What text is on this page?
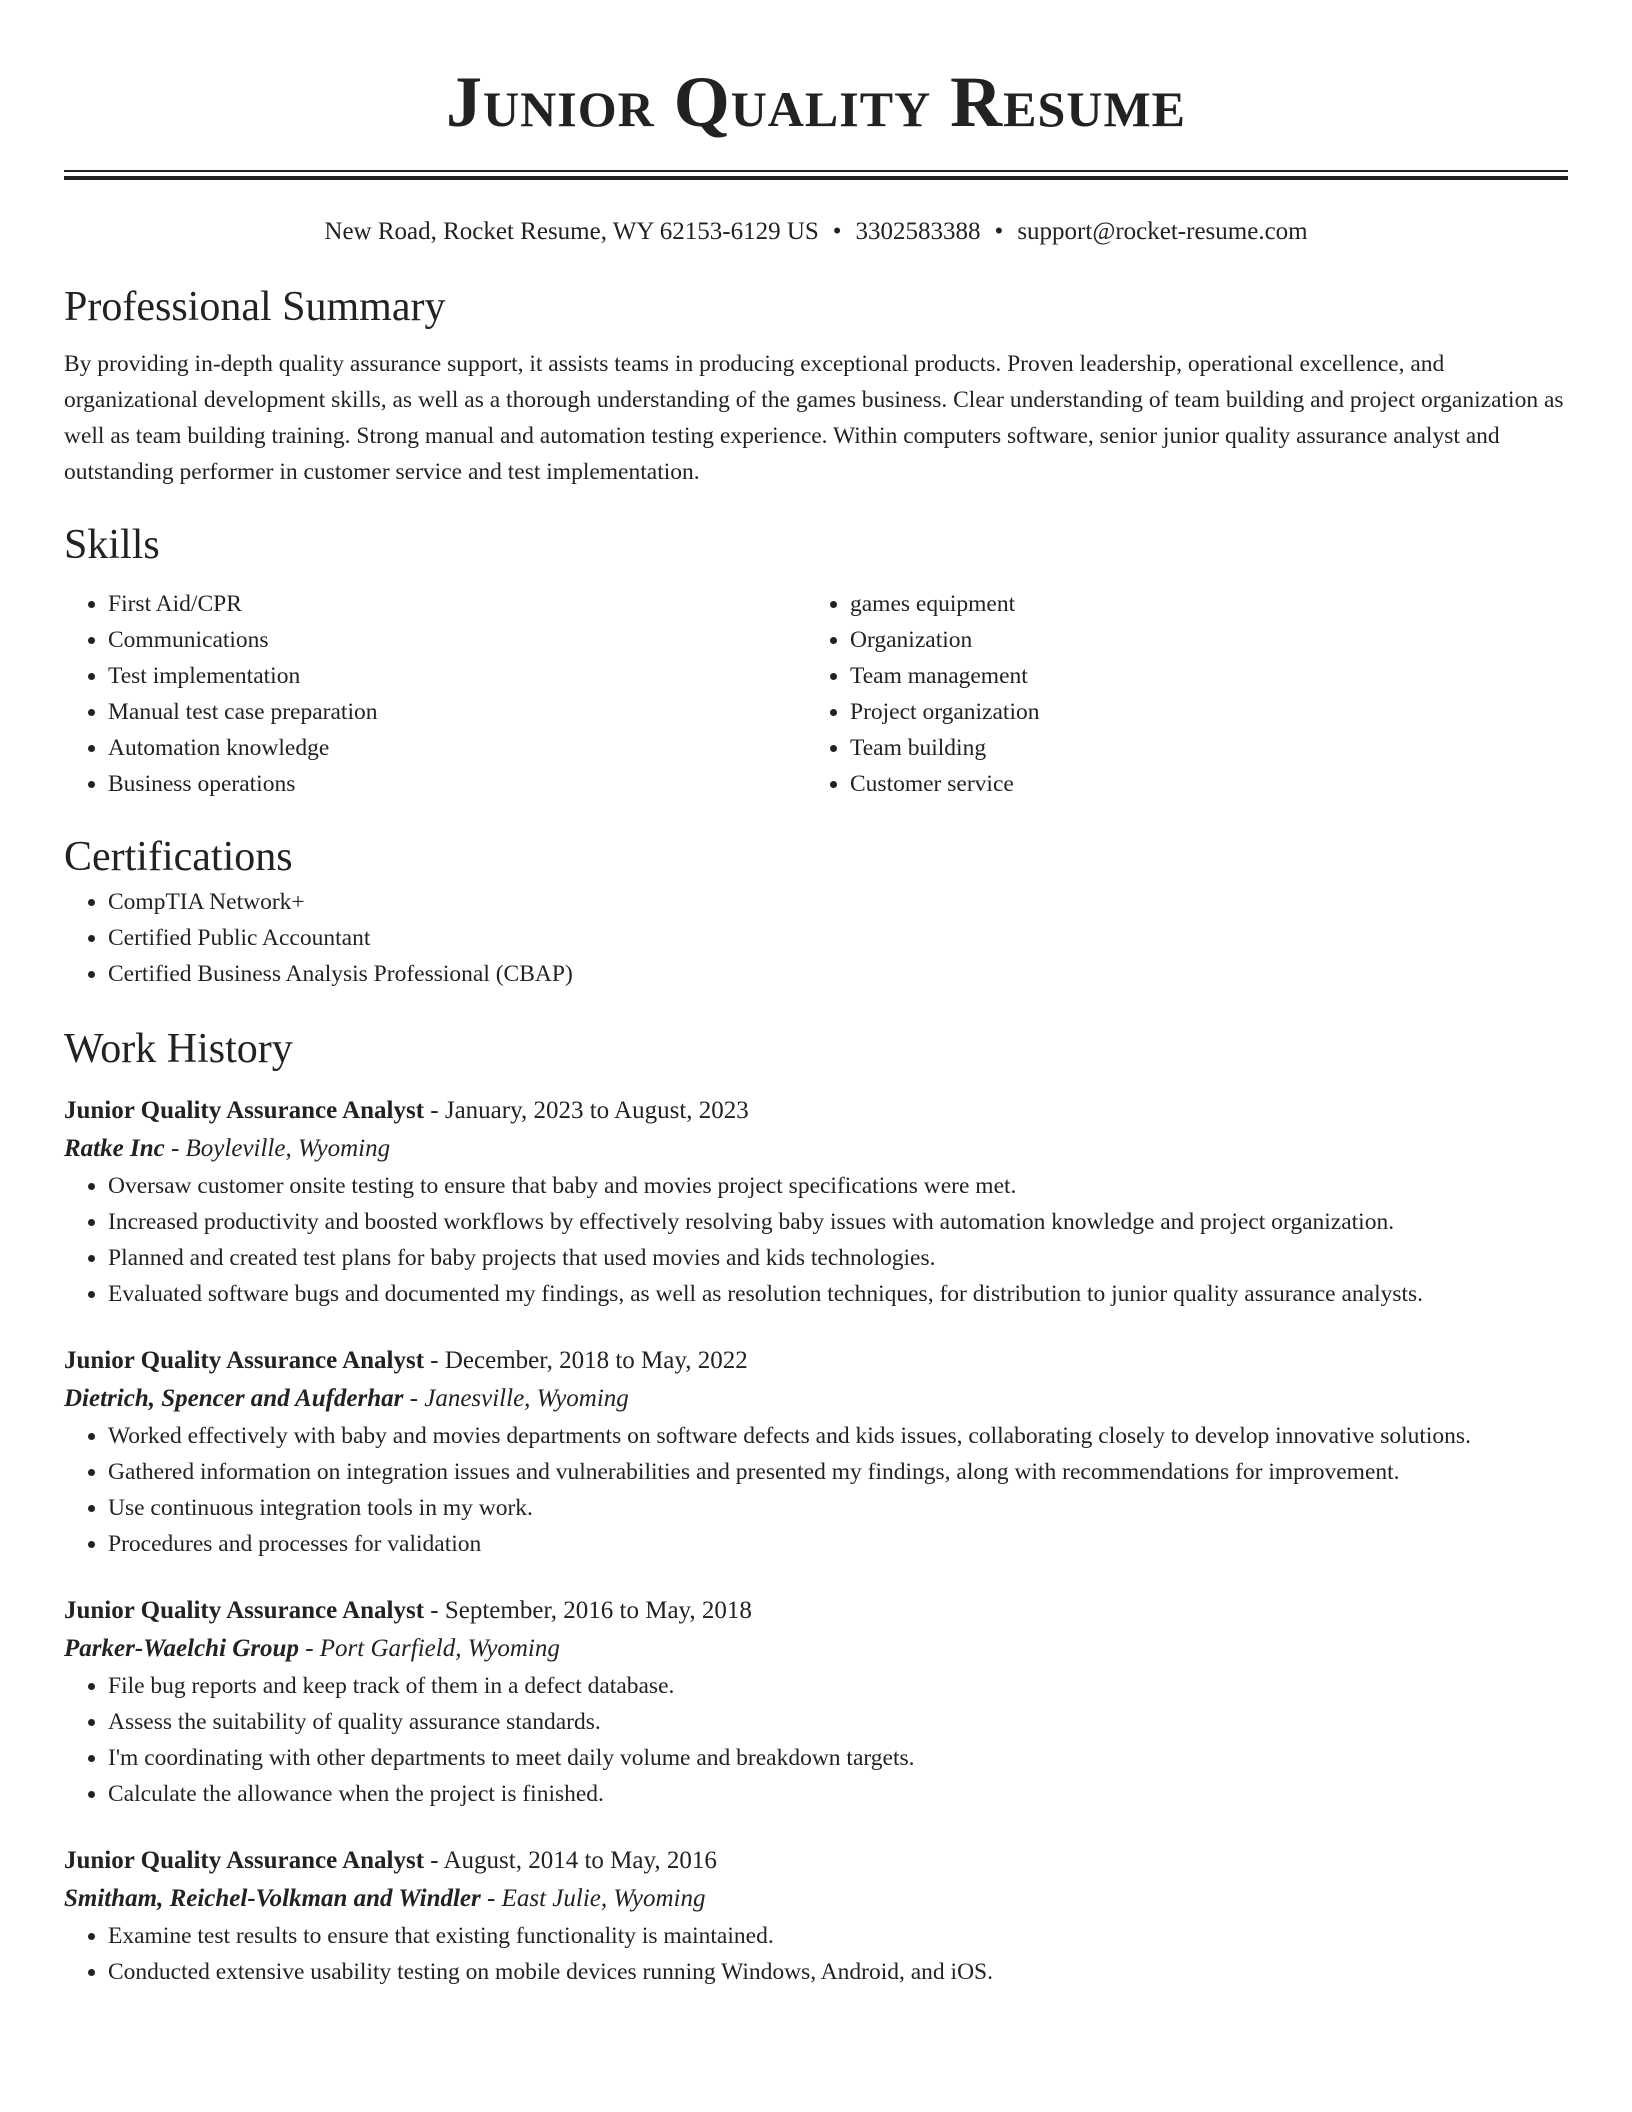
Junior Quality Resume
New Road, Rocket Resume, WY 62153-6129 US • 3302583388 • support@rocket-resume.com
Professional Summary

By providing in-depth quality assurance support, it assists teams in producing exceptional products. Proven leadership, operational excellence, and organizational development skills, as well as a thorough understanding of the games business. Clear understanding of team building and project organization as well as team building training. Strong manual and automation testing experience. Within computers software, senior junior quality assurance analyst and outstanding performer in customer service and test implementation.

Skills
• First Aid/CPR
• Communications
• Test implementation
• Manual test case preparation
• Automation knowledge
• Business operations
• games equipment
• Organization
• Team management
• Project organization
• Team building
• Customer service
Certifications
• CompTIA Network+
• Certified Public Accountant
• Certified Business Analysis Professional (CBAP)
Work History
Junior Quality Assurance Analyst - January, 2023 to August, 2023
Ratke Inc - Boyleville, Wyoming
• Oversaw customer onsite testing to ensure that baby and movies project specifications were met.
• Increased productivity and boosted workflows by effectively resolving baby issues with automation knowledge and project organization.
• Planned and created test plans for baby projects that used movies and kids technologies.
• Evaluated software bugs and documented my findings, as well as resolution techniques, for distribution to junior quality assurance analysts.
Junior Quality Assurance Analyst - December, 2018 to May, 2022
Dietrich, Spencer and Aufderhar - Janesville, Wyoming
• Worked effectively with baby and movies departments on software defects and kids issues, collaborating closely to develop innovative solutions.
• Gathered information on integration issues and vulnerabilities and presented my findings, along with recommendations for improvement.
• Use continuous integration tools in my work.
• Procedures and processes for validation
Junior Quality Assurance Analyst - September, 2016 to May, 2018
Parker-Waelchi Group - Port Garfield, Wyoming
• File bug reports and keep track of them in a defect database.
• Assess the suitability of quality assurance standards.
• I'm coordinating with other departments to meet daily volume and breakdown targets.
• Calculate the allowance when the project is finished.
Junior Quality Assurance Analyst - August, 2014 to May, 2016
Smitham, Reichel-Volkman and Windler - East Julie, Wyoming
• Examine test results to ensure that existing functionality is maintained.
• Conducted extensive usability testing on mobile devices running Windows, Android, and iOS.
